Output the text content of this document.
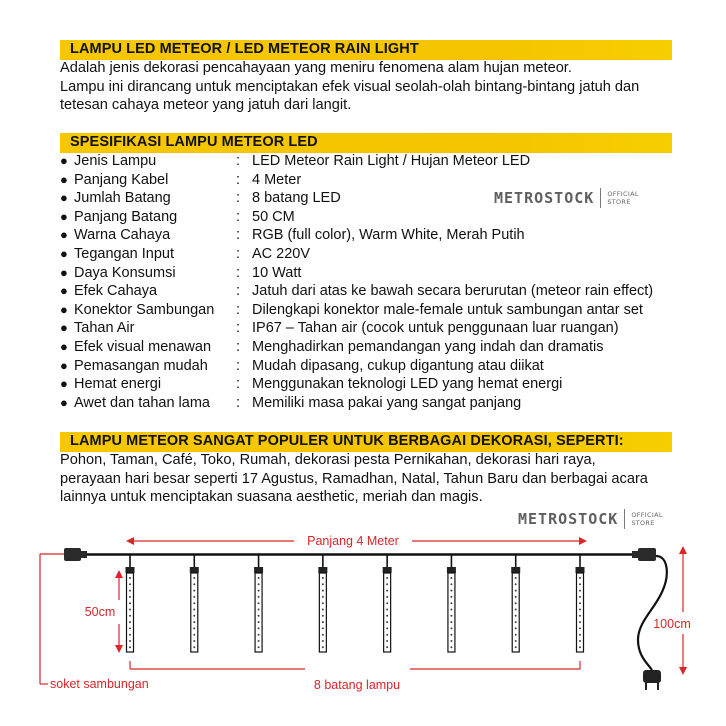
LAMPU LED METEOR / LED METEOR RAIN LIGHT
Adalah jenis dekorasi pencahayaan yang meniru fenomena alam hujan meteor.
Lampu ini dirancang untuk menciptakan efek visual seolah-olah bintang-bintang jatuh dan
tetesan cahaya meteor yang jatuh dari langit.
SPESIFIKASI LAMPU METEOR LED
● Jenis Lampu	: LED Meteor Rain Light / Hujan Meteor LED
● Panjang Kabel	: 4 Meter
● Jumlah Batang	: 8 batang LED
● Panjang Batang	: 50 CM
● Warna Cahaya	: RGB (full color), Warm White, Merah Putih
● Tegangan Input	: AC 220V
● Daya Konsumsi	: 10 Watt
● Efek Cahaya	: Jatuh dari atas ke bawah secara berurutan (meteor rain effect)
● Konektor Sambungan : Dilengkapi konektor male-female untuk sambungan antar set
● Tahan Air	: IP67 – Tahan air (cocok untuk penggunaan luar ruangan)
● Efek visual menawan : Menghadirkan pemandangan yang indah dan dramatis
● Pemasangan mudah : Mudah dipasang, cukup digantung atau diikat
● Hemat energi	: Menggunakan teknologi LED yang hemat energi
● Awet dan tahan lama : Memiliki masa pakai yang sangat panjang
METROSTOCK OFFICIAL
STORE
LAMPU METEOR SANGAT POPULER UNTUK BERBAGAI DEKORASI, SEPERTI:
Pohon, Taman, Café, Toko, Rumah, dekorasi pesta Pernikahan, dekorasi hari raya,
perayaan hari besar seperti 17 Agustus, Ramadhan, Natal, Tahun Baru dan berbagai acara
lainnya untuk menciptakan suasana aesthetic, meriah dan magis.
METROSTOCK OFFICIAL
STORE
Panjang 4 Meter
50cm
100cm
soket sambungan	8 batang lampu
